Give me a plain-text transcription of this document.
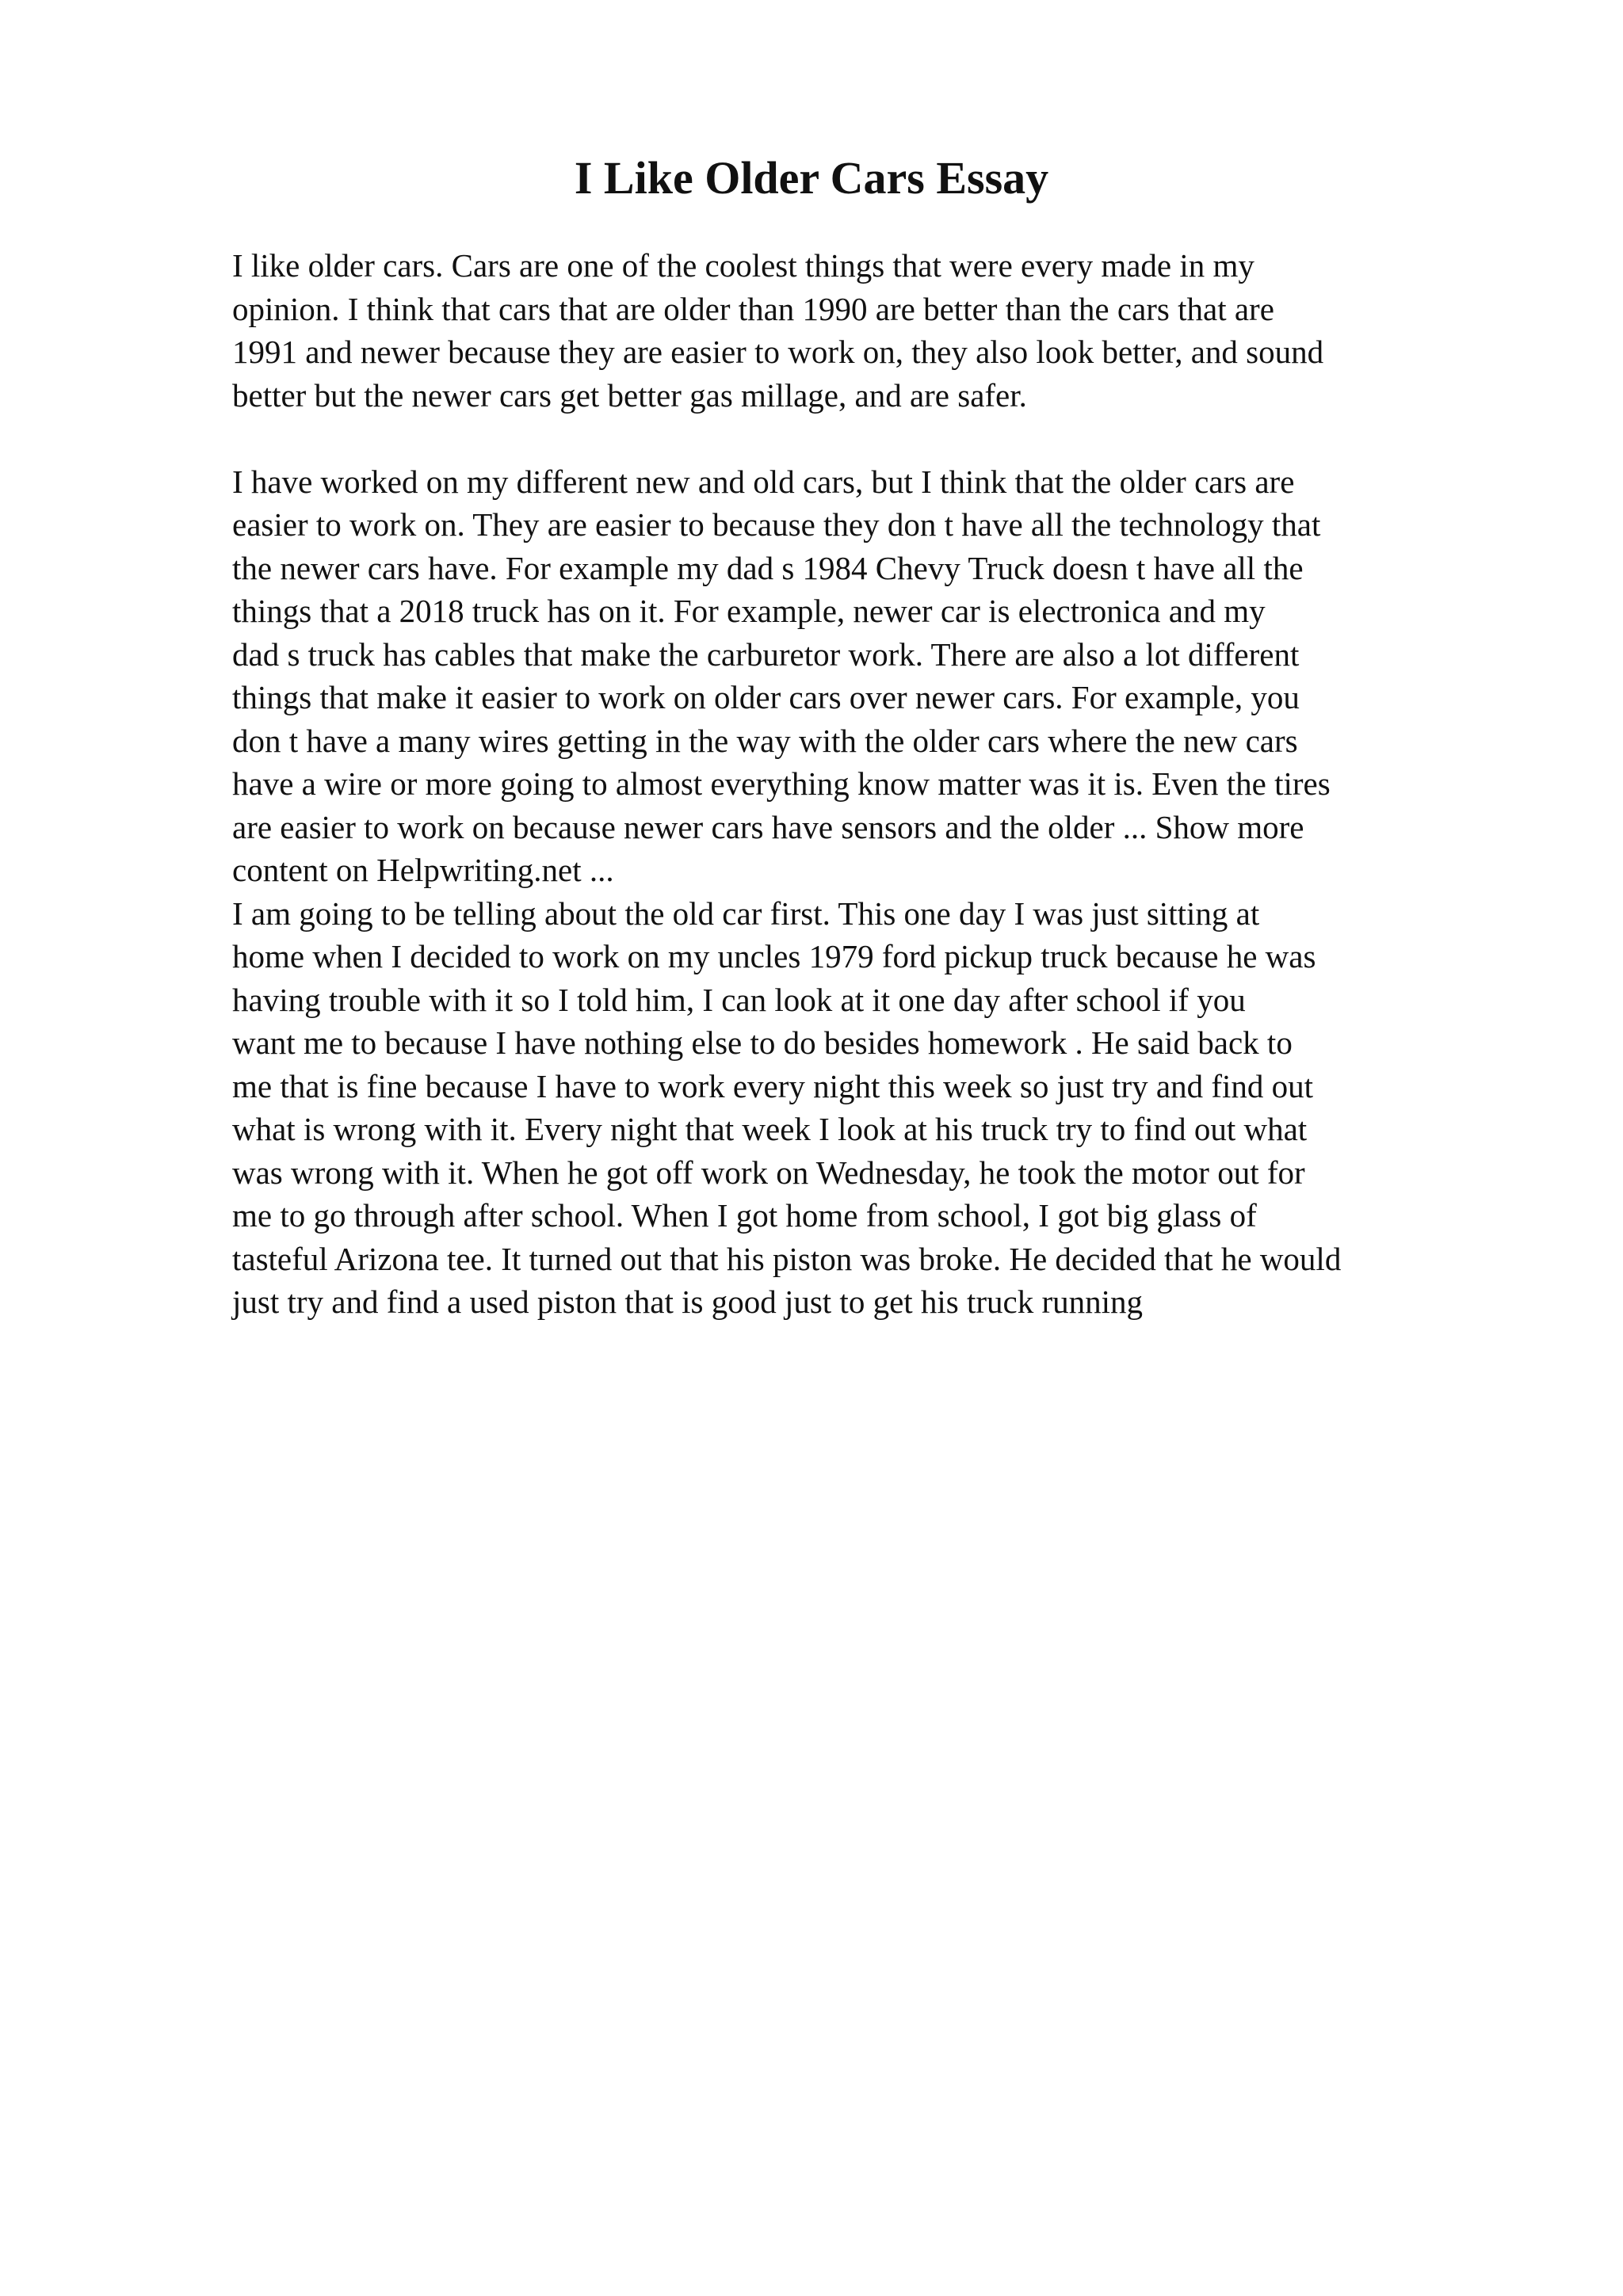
I Like Older Cars Essay
I like older cars. Cars are one of the coolest things that were every made in my
opinion. I think that cars that are older than 1990 are better than the cars that are
1991 and newer because they are easier to work on, they also look better, and sound
better but the newer cars get better gas millage, and are safer.
I have worked on my different new and old cars, but I think that the older cars are
easier to work on. They are easier to because they don t have all the technology that
the newer cars have. For example my dad s 1984 Chevy Truck doesn t have all the
things that a 2018 truck has on it. For example, newer car is electronica and my
dad s truck has cables that make the carburetor work. There are also a lot different
things that make it easier to work on older cars over newer cars. For example, you
don t have a many wires getting in the way with the older cars where the new cars
have a wire or more going to almost everything know matter was it is. Even the tires
are easier to work on because newer cars have sensors and the older ... Show more
content on Helpwriting.net ...
I am going to be telling about the old car first. This one day I was just sitting at
home when I decided to work on my uncles 1979 ford pickup truck because he was
having trouble with it so I told him, I can look at it one day after school if you
want me to because I have nothing else to do besides homework . He said back to
me that is fine because I have to work every night this week so just try and find out
what is wrong with it. Every night that week I look at his truck try to find out what
was wrong with it. When he got off work on Wednesday, he took the motor out for
me to go through after school. When I got home from school, I got big glass of
tasteful Arizona tee. It turned out that his piston was broke. He decided that he would
just try and find a used piston that is good just to get his truck running
